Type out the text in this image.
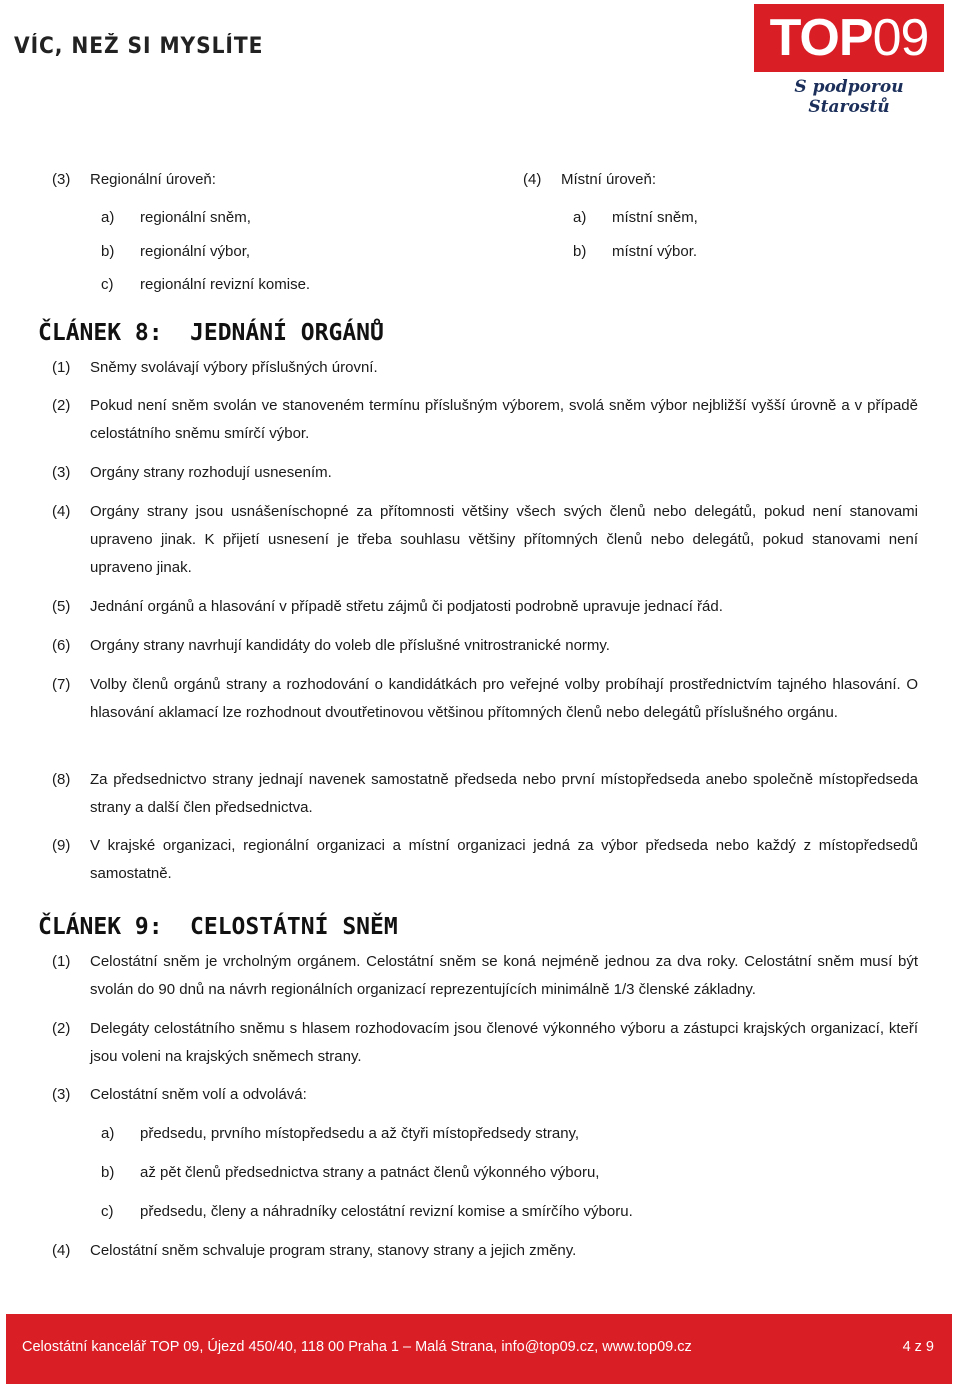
VÍC, NEŽ SI MYSLÍTE	TOP 09
S podporou Starostů
(3) Regionální úroveň:
a) regionální sněm,
b) regionální výbor,
c) regionální revizní komise.
(4) Místní úroveň:
a) místní sněm,
b) místní výbor.
ČLÁNEK 8: JEDNÁNÍ ORGÁNŮ
(1) Sněmy svolávají výbory příslušných úrovní.
(2) Pokud není sněm svolán ve stanoveném termínu příslušným výborem, svolá sněm výbor nejbližší vyšší úrovně a v případě celostátního sněmu smírčí výbor.
(3) Orgány strany rozhodují usnesením.
(4) Orgány strany jsou usnášeníschopné za přítomnosti většiny všech svých členů nebo delegátů, pokud není stanovami upraveno jinak. K přijetí usnesení je třeba souhlasu většiny přítomných členů nebo delegátů, pokud stanovami není upraveno jinak.
(5) Jednání orgánů a hlasování v případě střetu zájmů či podjatosti podrobně upravuje jednací řád.
(6) Orgány strany navrhují kandidáty do voleb dle příslušné vnitrostranické normy.
(7) Volby členů orgánů strany a rozhodování o kandidátkách pro veřejné volby probíhají prostřednictvím tajného hlasování. O hlasování aklamací lze rozhodnout dvoutřetinovou většinou přítomných členů nebo delegátů příslušného orgánu.
(8) Za předsednictvo strany jednají navenek samostatně předseda nebo první místopředseda anebo společně místopředseda strany a další člen předsednictva.
(9) V krajské organizaci, regionální organizaci a místní organizaci jedná za výbor předseda nebo každý z místopředsedů samostatně.
ČLÁNEK 9: CELOSTÁTNÍ SNĚM
(1) Celostátní sněm je vrcholným orgánem. Celostátní sněm se koná nejméně jednou za dva roky. Celostátní sněm musí být svolán do 90 dnů na návrh regionálních organizací reprezentujících minimálně 1/3 členské základny.
(2) Delegáty celostátního sněmu s hlasem rozhodovacím jsou členové výkonného výboru a zástupci krajských organizací, kteří jsou voleni na krajských sněmech strany.
(3) Celostátní sněm volí a odvolává:
a) předsedu, prvního místopředsedu a až čtyři místopředsedy strany,
b) až pět členů předsednictva strany a patnáct členů výkonného výboru,
c) předsedu, členy a náhradníky celostátní revizní komise a smírčího výboru.
(4) Celostátní sněm schvaluje program strany, stanovy strany a jejich změny.
Celostátní kancelář TOP 09, Újezd 450/40, 118 00 Praha 1 – Malá Strana, info@top09.cz, www.top09.cz	4 z 9
